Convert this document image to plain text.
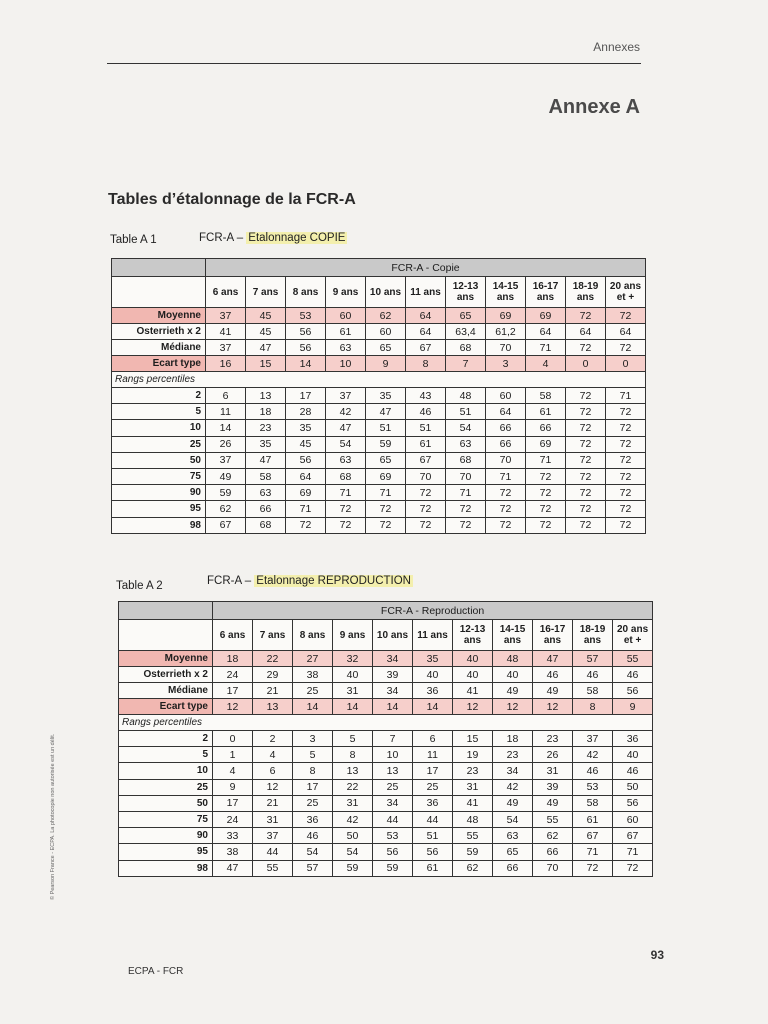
Annexes
Annexe A
Tables d’étalonnage de la FCR-A
Table A 1	FCR-A – Etalonnage COPIE
	FCR-A - Copie										
	6 ans	7 ans	8 ans	9 ans	10 ans	11 ans	12-13 ans	14-15 ans	16-17 ans	18-19 ans	20 ans et +
Moyenne	37	45	53	60	62	64	65	69	69	72	72
Osterrieth x 2	41	45	56	61	60	64	63,4	61,2	64	64	64
Médiane	37	47	56	63	65	67	68	70	71	72	72
Ecart type	16	15	14	10	9	8	7	3	4	0	0
Rangs percentiles											
2	6	13	17	37	35	43	48	60	58	72	71
5	11	18	28	42	47	46	51	64	61	72	72
10	14	23	35	47	51	51	54	66	66	72	72
25	26	35	45	54	59	61	63	66	69	72	72
50	37	47	56	63	65	67	68	70	71	72	72
75	49	58	64	68	69	70	70	71	72	72	72
90	59	63	69	71	71	72	71	72	72	72	72
95	62	66	71	72	72	72	72	72	72	72	72
98	67	68	72	72	72	72	72	72	72	72	72
Table A 2	FCR-A – Etalonnage REPRODUCTION
	FCR-A - Reproduction										
	6 ans	7 ans	8 ans	9 ans	10 ans	11 ans	12-13 ans	14-15 ans	16-17 ans	18-19 ans	20 ans et +
Moyenne	18	22	27	32	34	35	40	48	47	57	55
Osterrieth x 2	24	29	38	40	39	40	40	40	46	46	46
Médiane	17	21	25	31	34	36	41	49	49	58	56
Ecart type	12	13	14	14	14	14	12	12	12	8	9
Rangs percentiles											
2	0	2	3	5	7	6	15	18	23	37	36
5	1	4	5	8	10	11	19	23	26	42	40
10	4	6	8	13	13	17	23	34	31	46	46
25	9	12	17	22	25	25	31	42	39	53	50
50	17	21	25	31	34	36	41	49	49	58	56
75	24	31	36	42	44	44	48	54	55	61	60
90	33	37	46	50	53	51	55	63	62	67	67
95	38	44	54	54	56	56	59	65	66	71	71
98	47	55	57	59	59	61	62	66	70	72	72
93
ECPA - FCR
© Pearson France - ECPA. La photocopie non autorisée est un délit.
